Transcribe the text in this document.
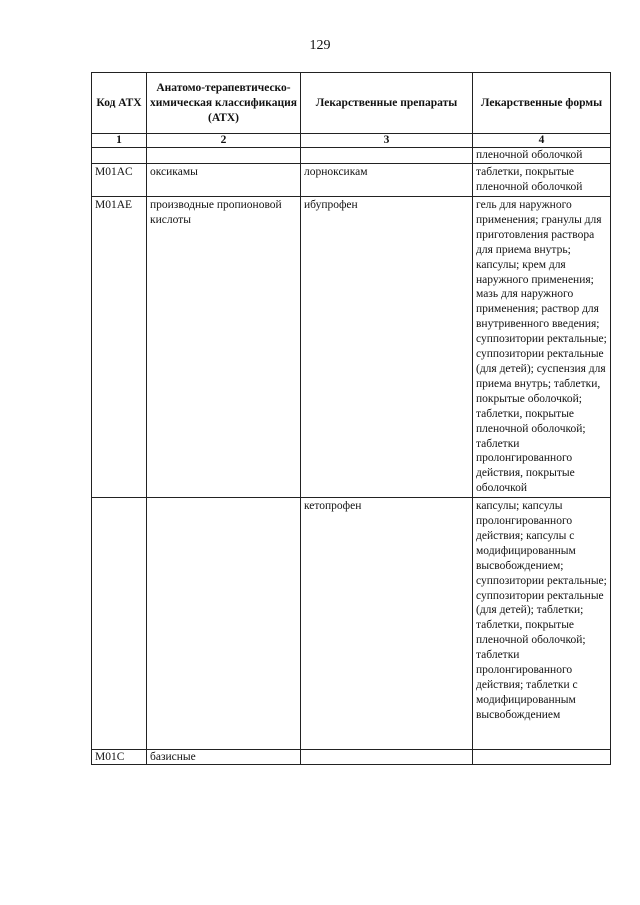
129
Код АТХ	Анатомо-терапевтическо-химическая классификация (АТХ)	Лекарственные препараты	Лекарственные формы
1	2	3	4
			пленочной оболочкой
M01AC	оксикамы	лорноксикам	таблетки, покрытые пленочной оболочкой
M01AE	производные пропионовой кислоты	ибупрофен	гель для наружного применения; гранулы для приготовления раствора для приема внутрь; капсулы; крем для наружного применения; мазь для наружного применения; раствор для внутривенного введения; суппозитории ректальные; суппозитории ректальные (для детей); суспензия для приема внутрь; таблетки, покрытые оболочкой; таблетки, покрытые пленочной оболочкой; таблетки пролонгированного действия, покрытые оболочкой
		кетопрофен	капсулы; капсулы пролонгированного действия; капсулы с модифицированным высвобождением; суппозитории ректальные; суппозитории ректальные (для детей); таблетки; таблетки, покрытые пленочной оболочкой; таблетки пролонгированного действия; таблетки с модифицированным высвобождением
M01C	базисные		
